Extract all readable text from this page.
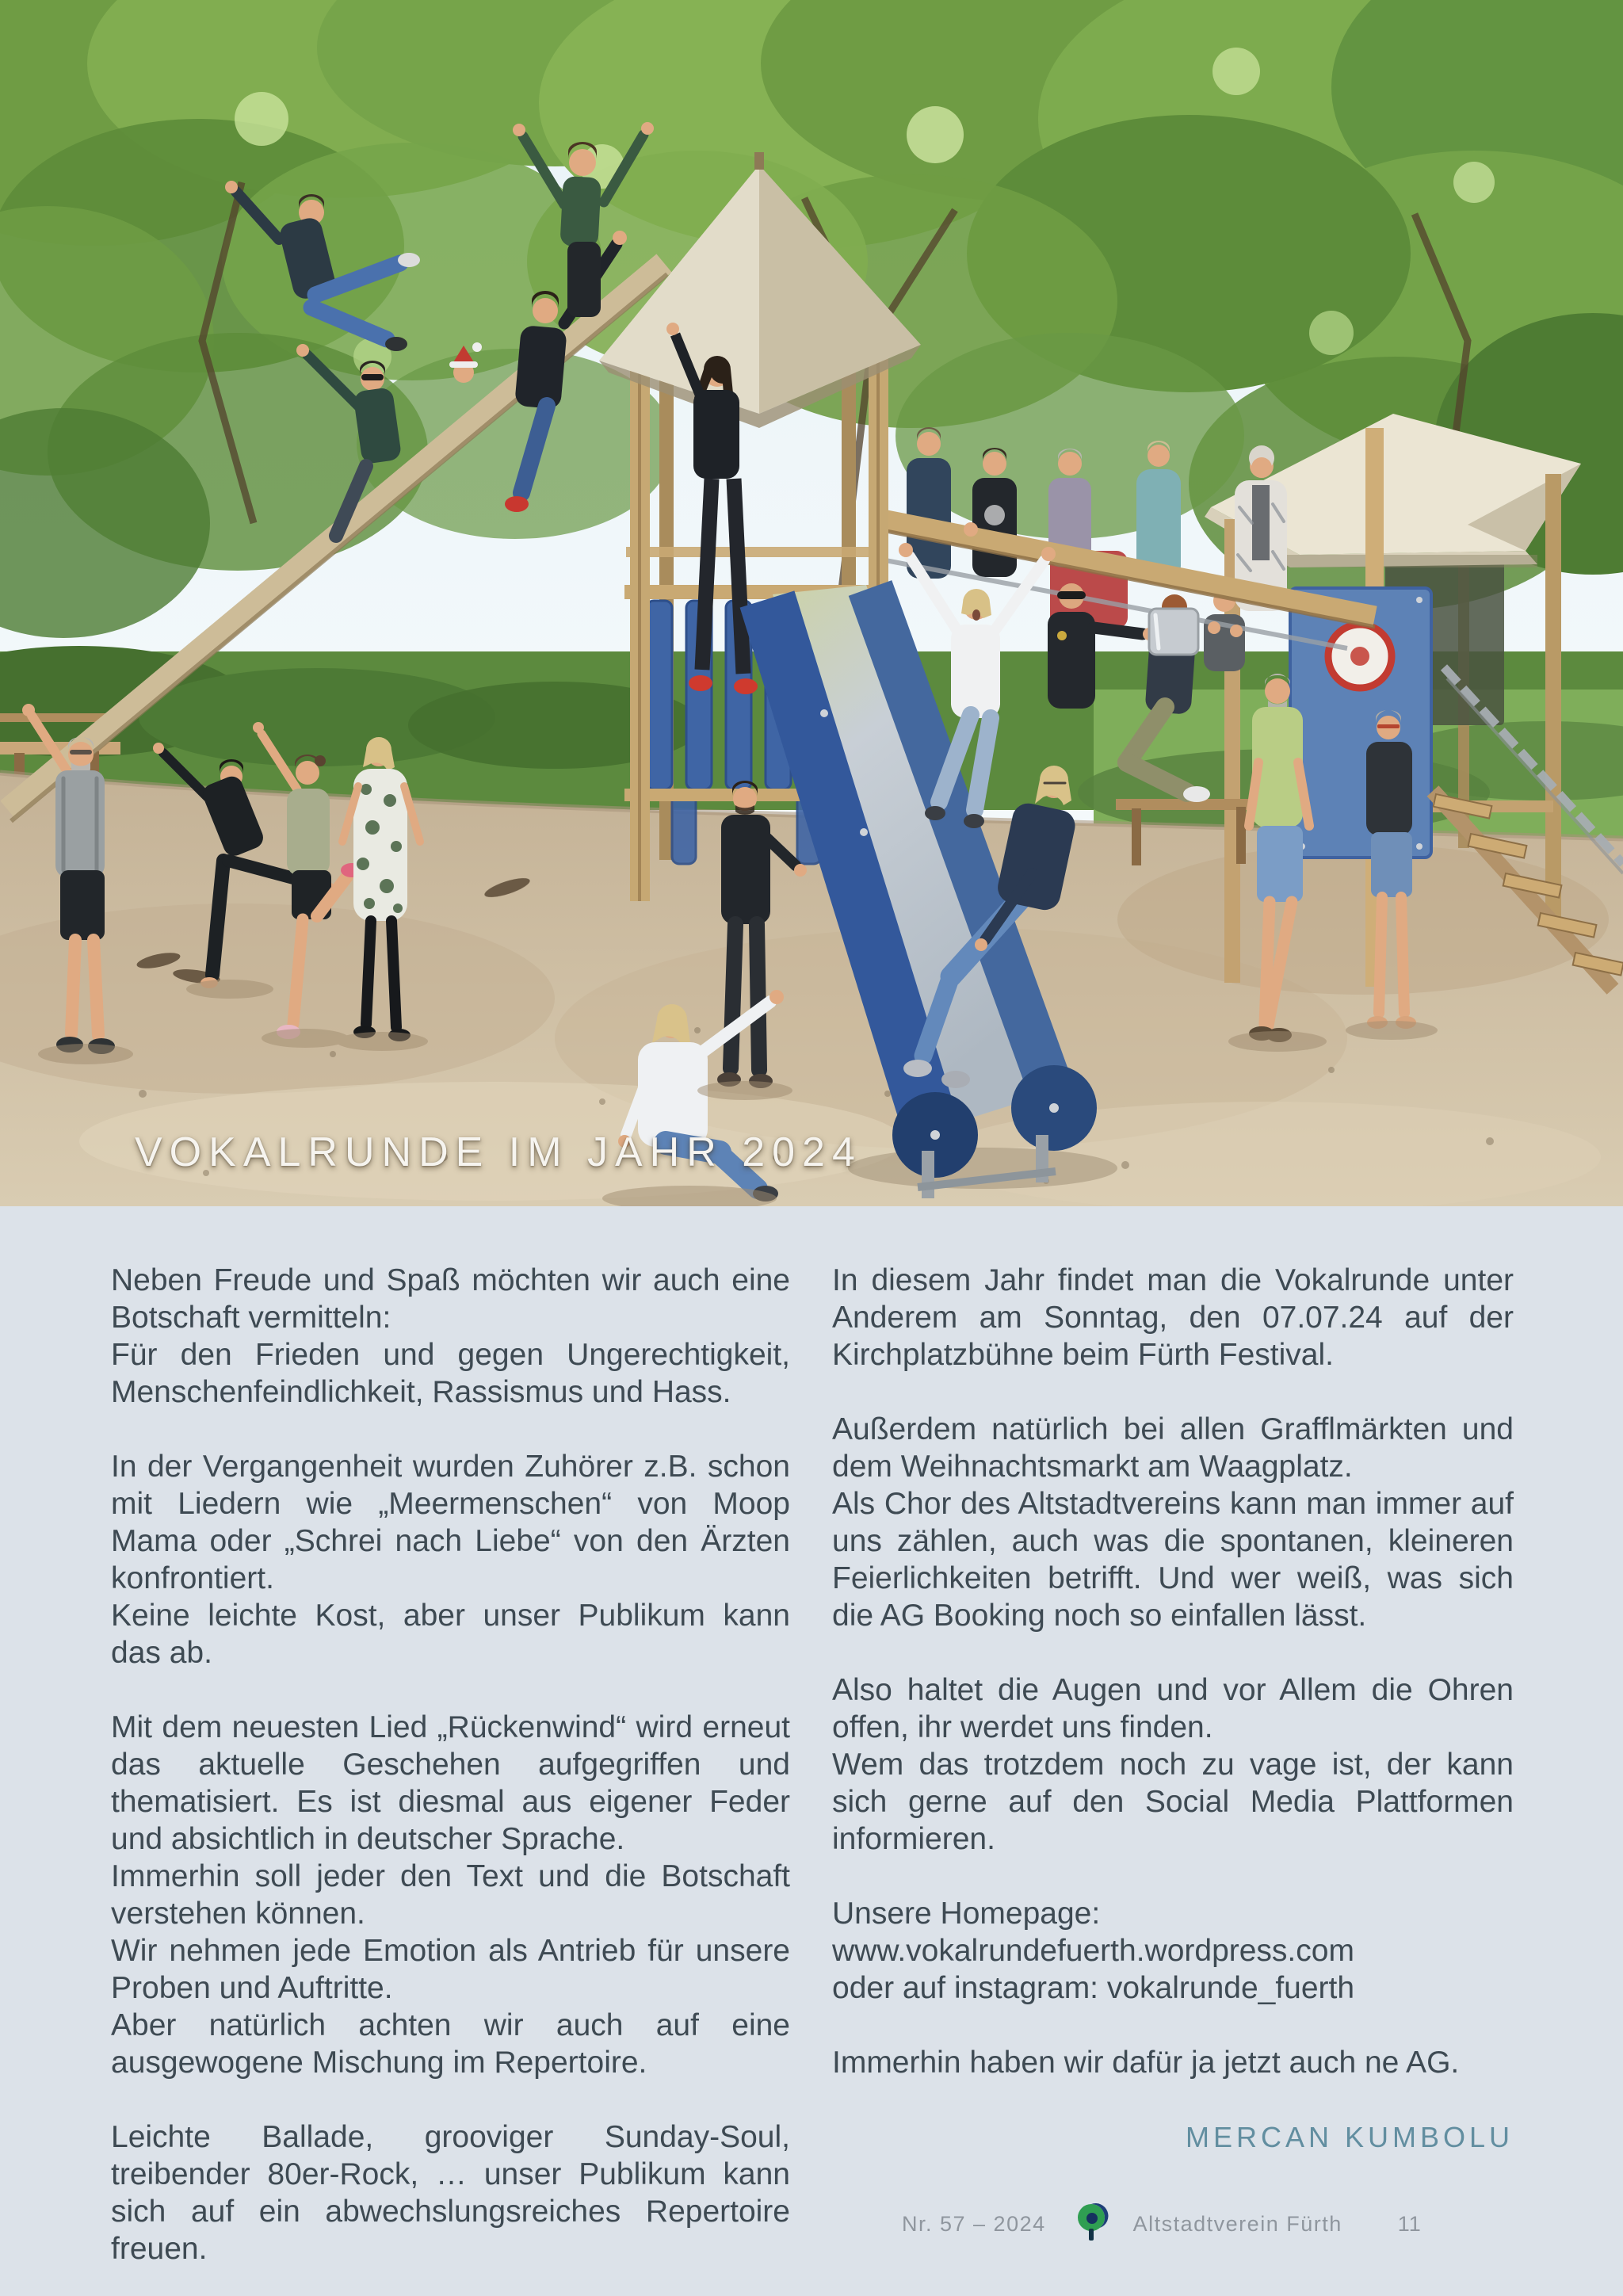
VOKALRUNDE IM JAHR 2024

Neben Freude und Spaß möchten wir auch eine Botschaft vermitteln:

Für den Frieden und gegen Ungerechtigkeit, Menschenfeindlichkeit, Rassismus und Hass.

In der Vergangenheit wurden Zuhörer z.B. schon mit Liedern wie „Meermenschen“ von Moop Mama oder „Schrei nach Liebe“ von den Ärzten konfrontiert.

Keine leichte Kost, aber unser Publikum kann das ab.

Mit dem neuesten Lied „Rückenwind“ wird erneut das aktuelle Geschehen aufgegriffen und thematisiert. Es ist diesmal aus eigener Feder und absichtlich in deutscher Sprache.

Immerhin soll jeder den Text und die Botschaft verstehen können.

Wir nehmen jede Emotion als Antrieb für unsere Proben und Auftritte.

Aber natürlich achten wir auch auf eine ausgewogene Mischung im Repertoire.

Leichte Ballade, grooviger Sunday-Soul, treibender 80er-Rock, … unser Publikum kann sich auf ein abwechslungsreiches Repertoire freuen.

In diesem Jahr findet man die Vokalrunde unter Anderem am Sonntag, den 07.07.24 auf der Kirchplatzbühne beim Fürth Festival.

Außerdem natürlich bei allen Grafflmärkten und dem Weihnachtsmarkt am Waagplatz.

Als Chor des Altstadtvereins kann man immer auf uns zählen, auch was die spontanen, kleineren Feierlichkeiten betrifft. Und wer weiß, was sich die AG Booking noch so einfallen lässt.

Also haltet die Augen und vor Allem die Ohren offen, ihr werdet uns finden.

Wem das trotzdem noch zu vage ist, der kann sich gerne auf den Social Media Plattformen informieren.

Unsere Homepage:

www.vokalrundefuerth.wordpress.com

oder auf instagram: vokalrunde_fuerth

Immerhin haben wir dafür ja jetzt auch ne AG.

MERCAN KUMBOLU

Nr. 57 – 2024	Altstadtverein Fürth	11
